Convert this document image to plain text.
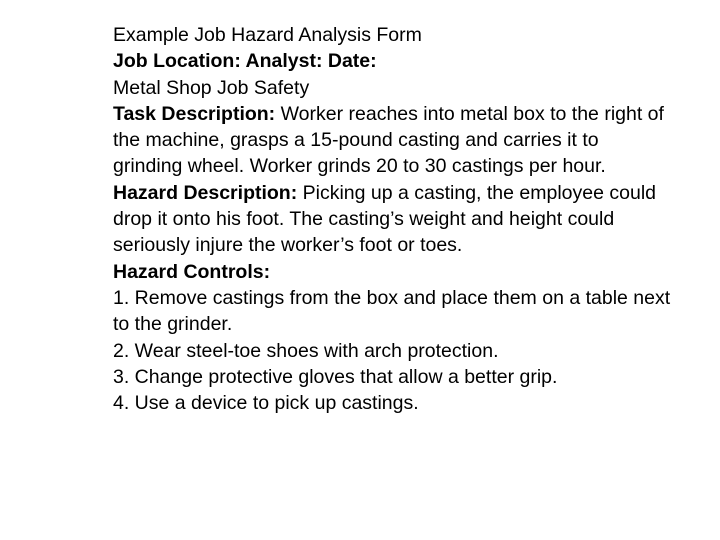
Example Job Hazard Analysis Form
Job Location: Analyst: Date:
Metal Shop Job Safety
Task Description: Worker reaches into metal box to the right of the machine, grasps a 15-pound casting and carries it to grinding wheel. Worker grinds 20 to 30 castings per hour.
Hazard Description: Picking up a casting, the employee could drop it onto his foot. The casting’s weight and height could seriously injure the worker’s foot or toes.
Hazard Controls:
1. Remove castings from the box and place them on a table next to the grinder.
2. Wear steel-toe shoes with arch protection.
3. Change protective gloves that allow a better grip.
4. Use a device to pick up castings.
